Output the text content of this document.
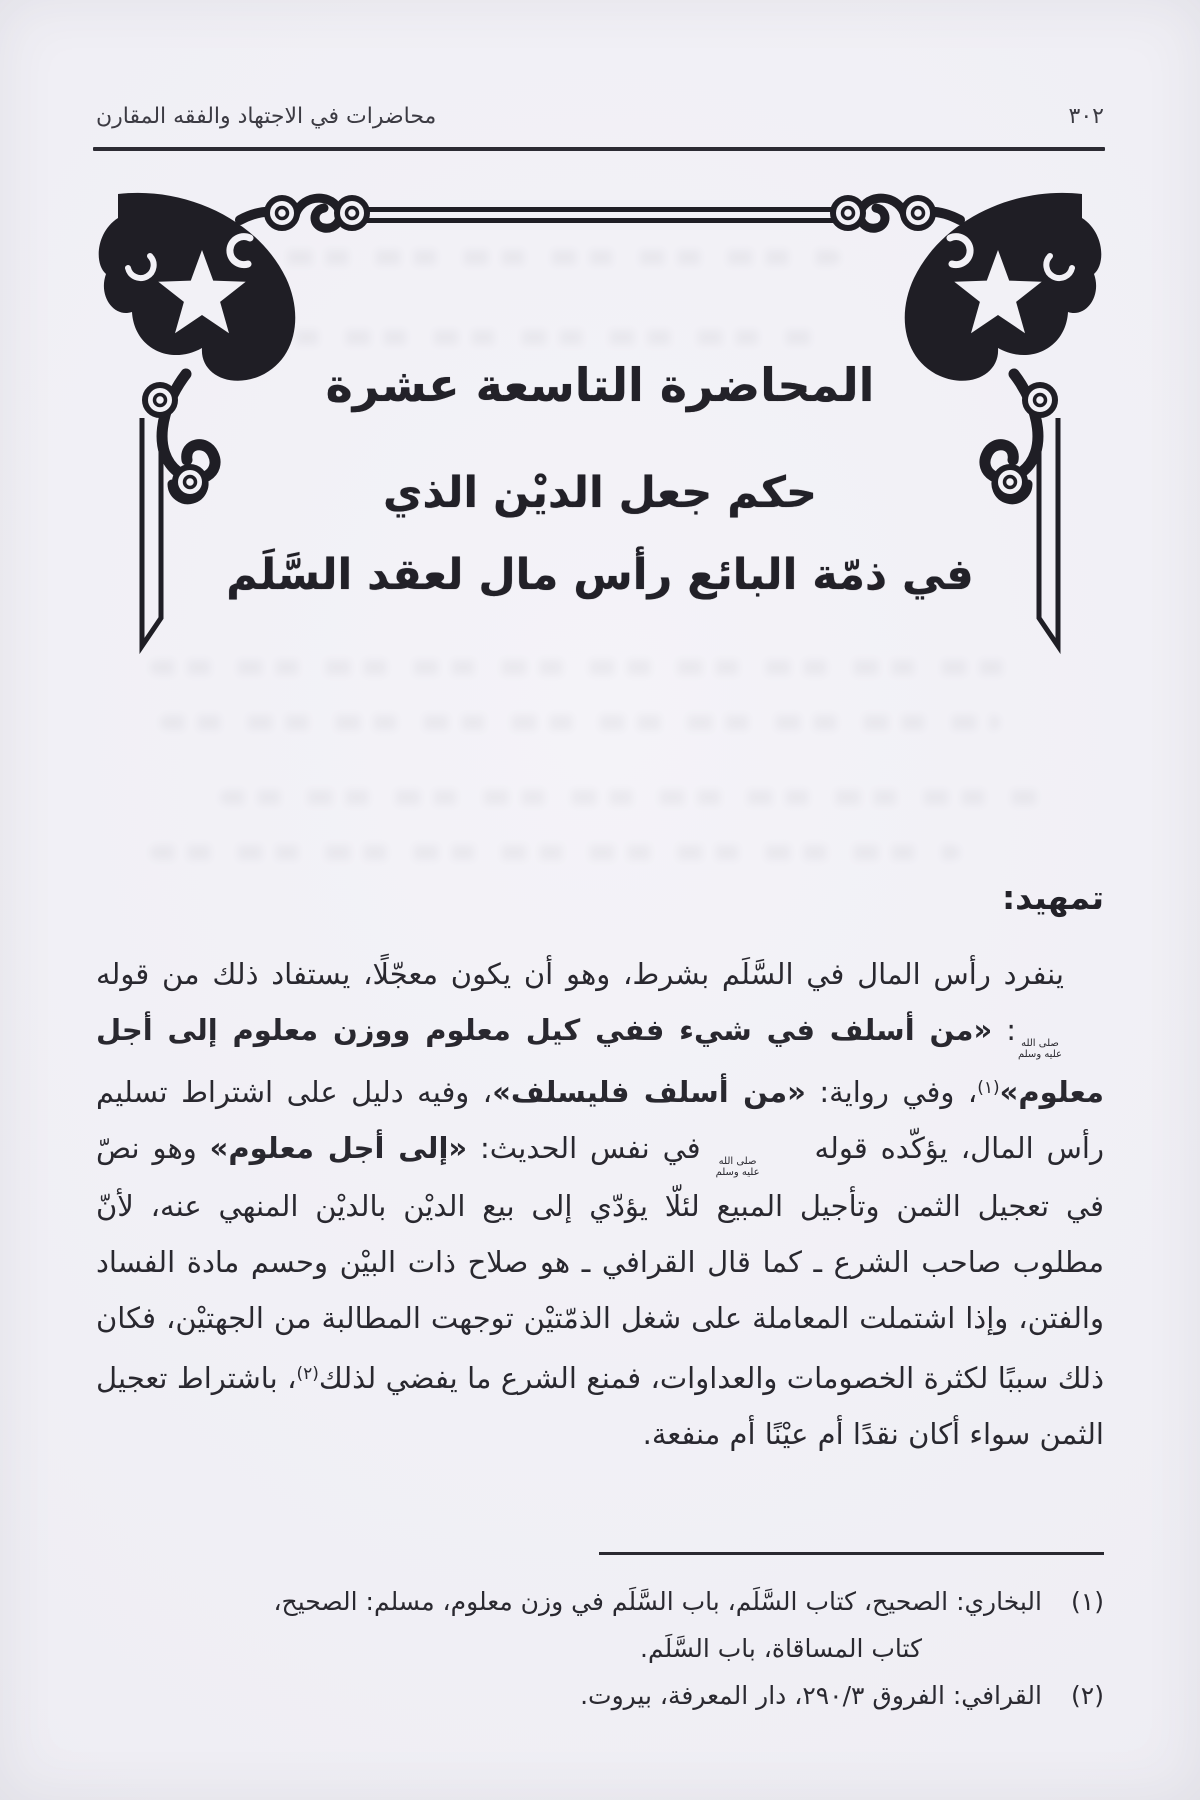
٣٠٢
محاضرات في الاجتهاد والفقه المقارن
المحاضرة التاسعة عشرة
حكم جعل الديْن الذي
في ذمّة البائع رأس مال لعقد السَّلَم
تمهيد:

ينفرد رأس المال في السَّلَم بشرط، وهو أن يكون معجّلًا، يستفاد ذلك من قوله
صلى الله
عليه وسلم
: «من أسلف في شيء ففي كيل معلوم ووزن معلوم إلى أجل معلوم»$^{(١)}$، وفي رواية: «من أسلف فليسلف»، وفيه دليل على اشتراط تسليم رأس المال، يؤكّده قوله
صلى الله
عليه وسلم
في نفس الحديث: «إلى أجل معلوم» وهو نصّ في تعجيل الثمن وتأجيل المبيع لئلّا يؤدّي إلى بيع الديْن بالديْن المنهي عنه، لأنّ مطلوب صاحب الشرع ـ كما قال القرافي ـ هو صلاح ذات البيْن وحسم مادة الفساد والفتن، وإذا اشتملت المعاملة على شغل الذمّتيْن توجهت المطالبة من الجهتيْن، فكان ذلك سببًا لكثرة الخصومات والعداوات، فمنع الشرع ما يفضي لذلك$^{(٢)}$، باشتراط تعجيل الثمن سواء أكان نقدًا أم عيْنًا أم منفعة.

(١)
البخاري: الصحيح، كتاب السَّلَم، باب السَّلَم في وزن معلوم، مسلم: الصحيح،
كتاب المساقاة، باب السَّلَم.
(٢)
القرافي: الفروق ٢٩٠/٣، دار المعرفة، بيروت.
